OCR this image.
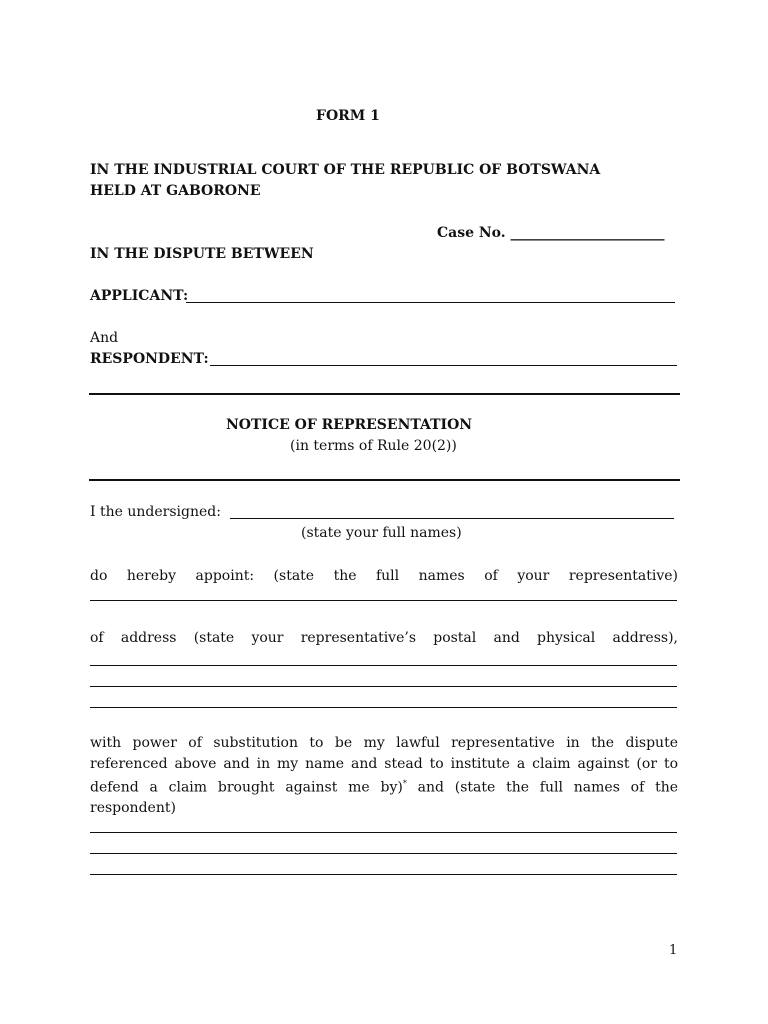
FORM 1
IN THE INDUSTRIAL COURT OF THE REPUBLIC OF BOTSWANA
HELD AT GABORONE
Case No. ______________________
IN THE DISPUTE BETWEEN
APPLICANT:
And
RESPONDENT:
NOTICE OF REPRESENTATION
(in terms of Rule 20(2))
I the undersigned:
(state your full names)
do hereby appoint: (state the full names of your representative)
of address (state your representative’s postal and physical address),
with power of substitution to be my lawful representative in the dispute referenced above and in my name and stead to institute a claim against (or to defend a claim brought against me by)* and (state the full names of the respondent)
1
